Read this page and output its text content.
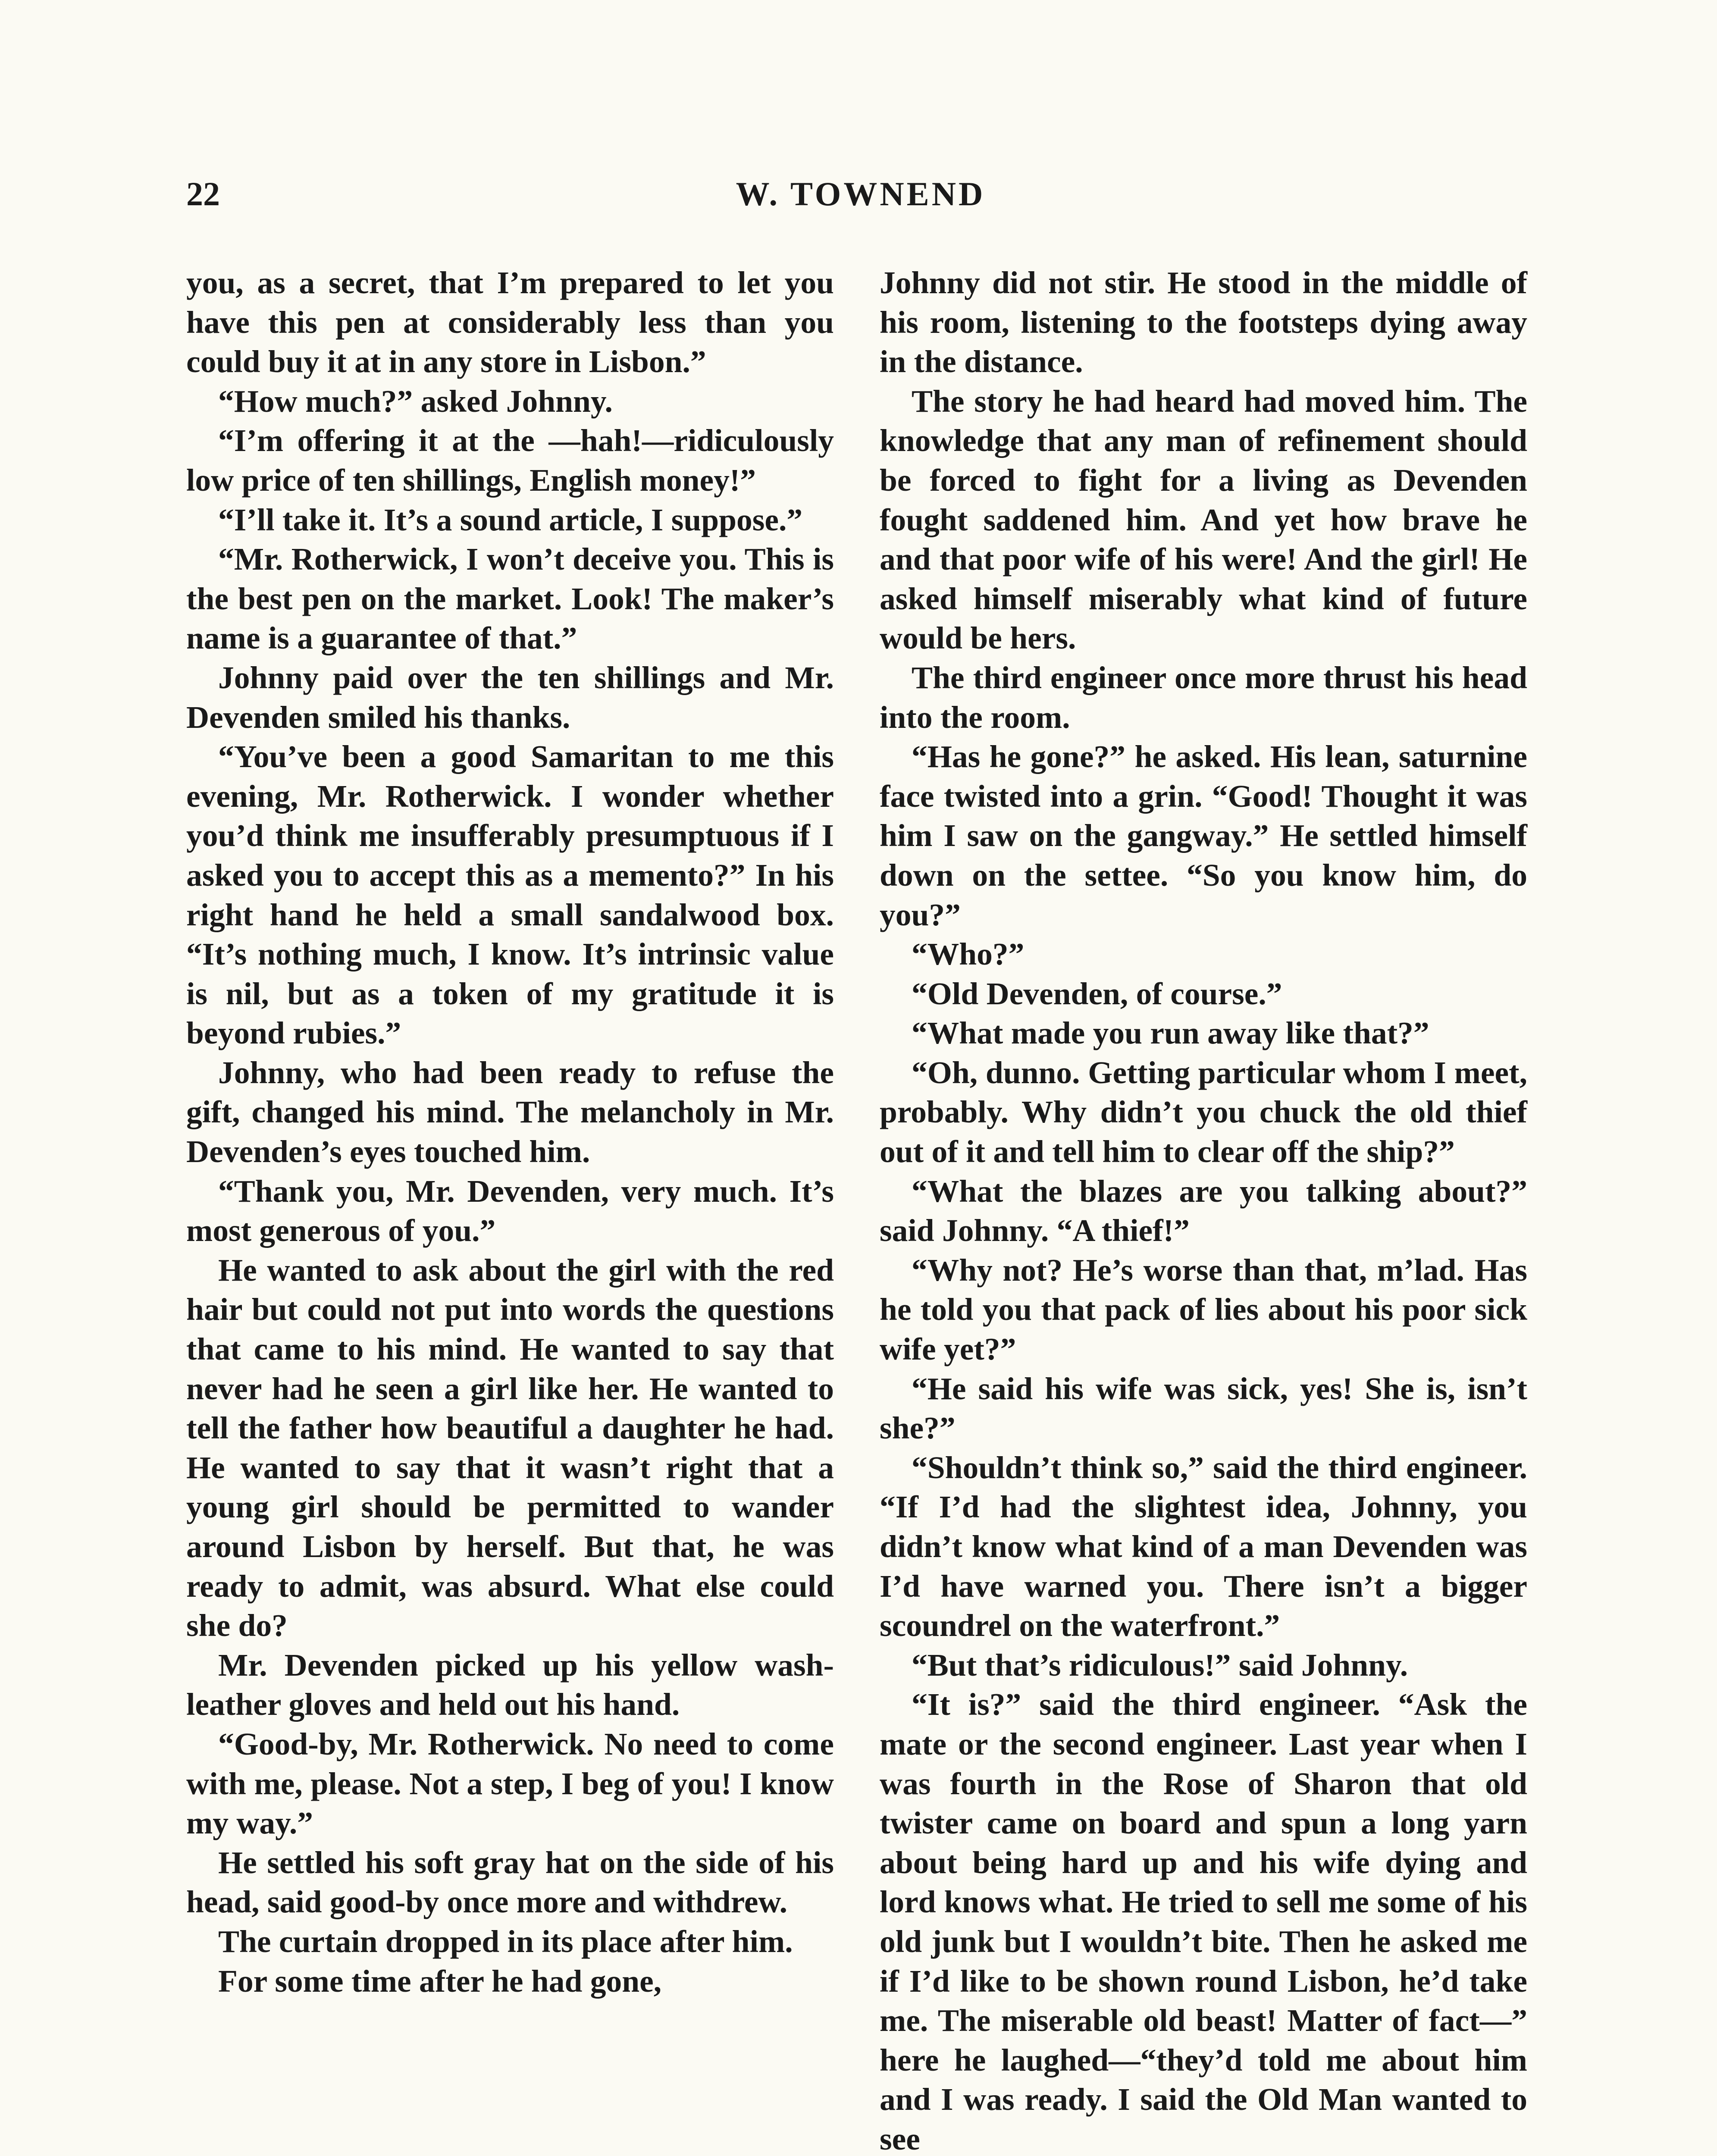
22	W. TOWNEND

you, as a secret, that I’m prepared to let you have this pen at considerably less than you could buy it at in any store in Lisbon.”

“How much?” asked Johnny.

“I’m offering it at the —hah!—ridiculously low price of ten shillings, English money!”

“I’ll take it. It’s a sound article, I suppose.”

“Mr. Rotherwick, I won’t deceive you. This is the best pen on the market. Look! The maker’s name is a guarantee of that.”

Johnny paid over the ten shillings and Mr. Devenden smiled his thanks.

“You’ve been a good Samaritan to me this evening, Mr. Rotherwick. I wonder whether you’d think me insufferably presumptuous if I asked you to accept this as a memento?” In his right hand he held a small sandalwood box. “It’s nothing much, I know. It’s intrinsic value is nil, but as a token of my gratitude it is beyond rubies.”

Johnny, who had been ready to refuse the gift, changed his mind. The melancholy in Mr. Devenden’s eyes touched him.

“Thank you, Mr. Devenden, very much. It’s most generous of you.”

He wanted to ask about the girl with the red hair but could not put into words the questions that came to his mind. He wanted to say that never had he seen a girl like her. He wanted to tell the father how beautiful a daughter he had. He wanted to say that it wasn’t right that a young girl should be permitted to wander around Lisbon by herself. But that, he was ready to admit, was absurd. What else could she do?

Mr. Devenden picked up his yellow wash-leather gloves and held out his hand.

“Good-by, Mr. Rotherwick. No need to come with me, please. Not a step, I beg of you! I know my way.”

He settled his soft gray hat on the side of his head, said good-by once more and withdrew.

The curtain dropped in its place after him.

For some time after he had gone,

Johnny did not stir. He stood in the middle of his room, listening to the footsteps dying away in the distance.

The story he had heard had moved him. The knowledge that any man of refinement should be forced to fight for a living as Devenden fought saddened him. And yet how brave he and that poor wife of his were! And the girl! He asked himself miserably what kind of future would be hers.

The third engineer once more thrust his head into the room.

“Has he gone?” he asked. His lean, saturnine face twisted into a grin. “Good! Thought it was him I saw on the gangway.” He settled himself down on the settee. “So you know him, do you?”

“Who?”

“Old Devenden, of course.”

“What made you run away like that?”

“Oh, dunno. Getting particular whom I meet, probably. Why didn’t you chuck the old thief out of it and tell him to clear off the ship?”

“What the blazes are you talking about?” said Johnny. “A thief!”

“Why not? He’s worse than that, m’lad. Has he told you that pack of lies about his poor sick wife yet?”

“He said his wife was sick, yes! She is, isn’t she?”

“Shouldn’t think so,” said the third engineer. “If I’d had the slightest idea, Johnny, you didn’t know what kind of a man Devenden was I’d have warned you. There isn’t a bigger scoundrel on the waterfront.”

“But that’s ridiculous!” said Johnny.

“It is?” said the third engineer. “Ask the mate or the second engineer. Last year when I was fourth in the Rose of Sharon that old twister came on board and spun a long yarn about being hard up and his wife dying and lord knows what. He tried to sell me some of his old junk but I wouldn’t bite. Then he asked me if I’d like to be shown round Lisbon, he’d take me. The miserable old beast! Matter of fact—” here he laughed—“they’d told me about him and I was ready. I said the Old Man wanted to see
